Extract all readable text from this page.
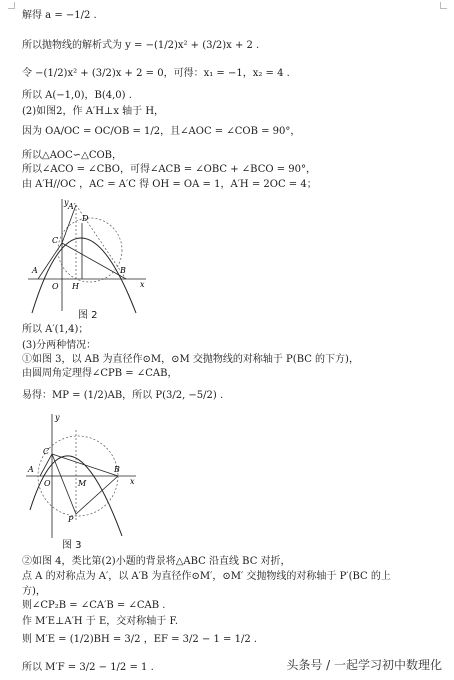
解得 a = −1/2 .
所以抛物线的解析式为 y = −(1/2)x² + (3/2)x + 2 .
令 −(1/2)x² + (3/2)x + 2 = 0，可得：x₁ = −1，x₂ = 4 .
所以 A(−1,0)，B(4,0) .
(2)如图2，作 A′H⊥x 轴于 H，
因为 OA/OC = OC/OB = 1/2，且∠AOC = ∠COB = 90°，
所以△AOC∽△COB，
所以∠ACO = ∠CBO，可得∠ACB = ∠OBC + ∠BCO = 90°，
由 A′H//OC ，AC = A′C 得 OH = OA = 1，A′H = 2OC = 4；
y A′
D
C
A
O H
B
x
图 2
所以 A′(1,4)；
(3)分两种情况：
①如图 3，以 AB 为直径作⊙M，⊙M 交抛物线的对称轴于 P(BC 的下方)，
由圆周角定理得∠CPB = ∠CAB，
易得：MP = (1/2)AB，所以 P(3/2, −5/2) .
y
C
A
O	M
B
x
P
图 3
②如图 4，类比第(2)小题的背景将△ABC 沿直线 BC 对折，
点 A 的对称点为 A′，以 A′B 为直径作⊙M′，⊙M′ 交抛物线的对称轴于 P′(BC 的上
方)，
则∠CP₂B = ∠CA′B = ∠CAB .
作 M′E⊥A′H 于 E，交对称轴于 F.
则 M′E = (1/2)BH = 3/2 ，EF = 3/2 − 1 = 1/2 .
所以 M′F = 3/2 − 1/2 = 1 .	头条号 / 一起学习初中数理化
